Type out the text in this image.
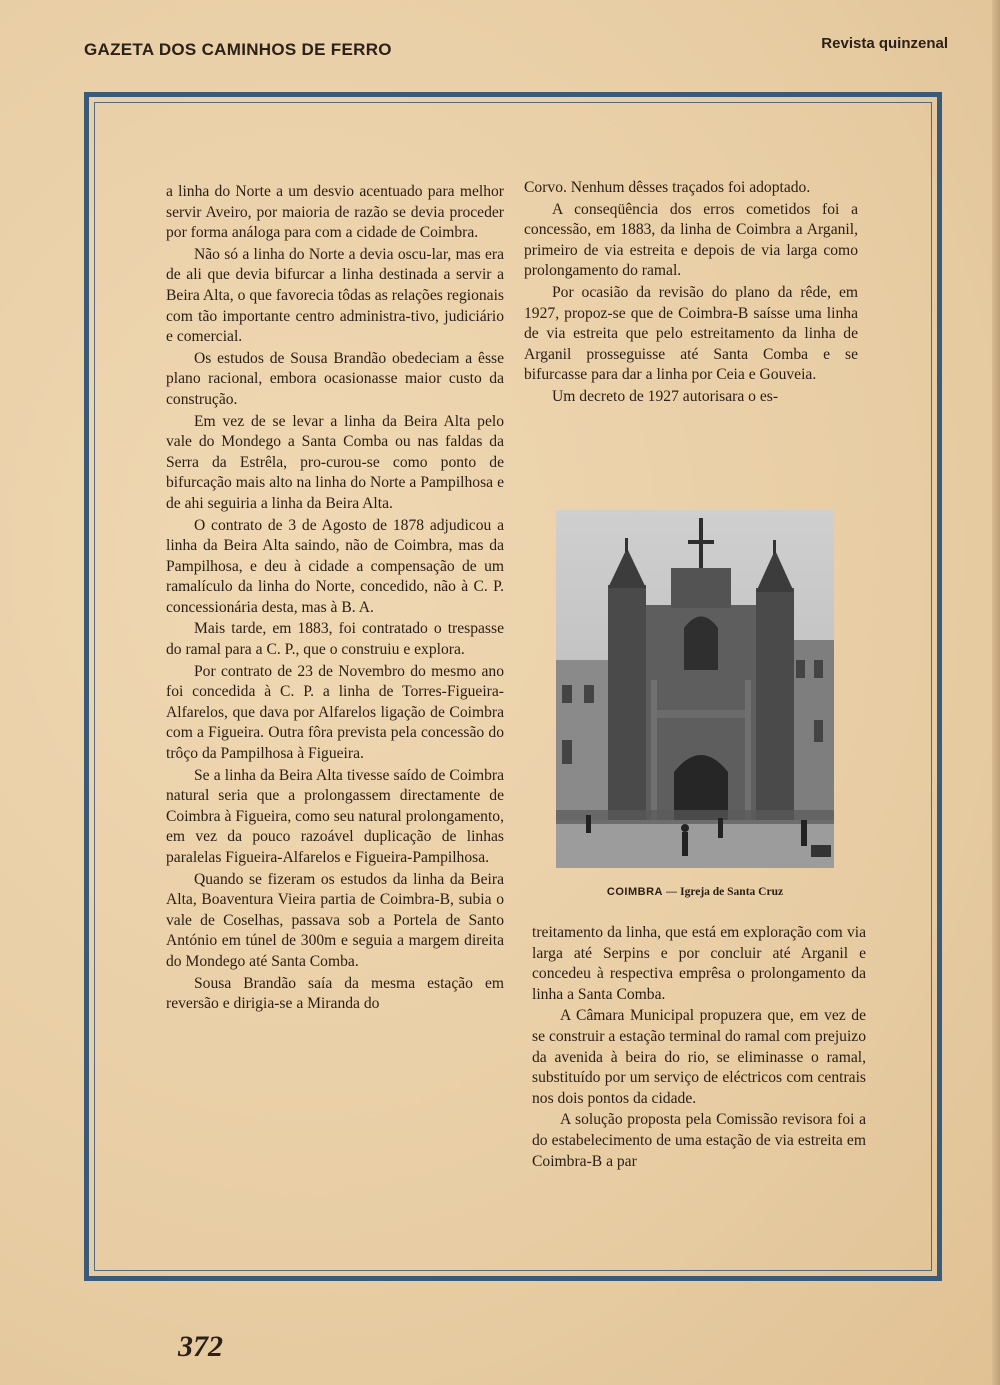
GAZETA DOS CAMINHOS DE FERRO	Revista quinzenal

a linha do Norte a um desvio acentuado para melhor servir Aveiro, por maioria de razão se devia proceder por forma análoga para com a cidade de Coimbra.

Não só a linha do Norte a devia oscu-lar, mas era de ali que devia bifurcar a linha destinada a servir a Beira Alta, o que favorecia tôdas as relações regionais com tão importante centro administra-tivo, judiciário e comercial.

Os estudos de Sousa Brandão obedeciam a êsse plano racional, embora ocasionasse maior custo da construção.

Em vez de se levar a linha da Beira Alta pelo vale do Mondego a Santa Comba ou nas faldas da Serra da Estrêla, pro-curou-se como ponto de bifurcação mais alto na linha do Norte a Pampilhosa e de ahi seguiria a linha da Beira Alta.

O contrato de 3 de Agosto de 1878 adjudicou a linha da Beira Alta saindo, não de Coimbra, mas da Pampilhosa, e deu à cidade a compensação de um ramalículo da linha do Norte, concedido, não à C. P. concessionária desta, mas à B. A.

Mais tarde, em 1883, foi contratado o trespasse do ramal para a C. P., que o construiu e explora.

Por contrato de 23 de Novembro do mesmo ano foi concedida à C. P. a linha de Torres-Figueira-Alfarelos, que dava por Alfarelos ligação de Coimbra com a Figueira. Outra fôra prevista pela concessão do trôço da Pampilhosa à Figueira.

Se a linha da Beira Alta tivesse saído de Coimbra natural seria que a prolongassem directamente de Coimbra à Figueira, como seu natural prolongamento, em vez da pouco razoável duplicação de linhas paralelas Figueira-Alfarelos e Figueira-Pampilhosa.

Quando se fizeram os estudos da linha da Beira Alta, Boaventura Vieira partia de Coimbra-B, subia o vale de Coselhas, passava sob a Portela de Santo António em túnel de 300m e seguia a margem direita do Mondego até Santa Comba.

Sousa Brandão saía da mesma estação em reversão e dirigia-se a Miranda do

Corvo. Nenhum dêsses traçados foi adoptado.

A conseqüência dos erros cometidos foi a concessão, em 1883, da linha de Coimbra a Arganil, primeiro de via estreita e depois de via larga como prolongamento do ramal.

Por ocasião da revisão do plano da rêde, em 1927, propoz-se que de Coimbra-B saísse uma linha de via estreita que pelo estreitamento da linha de Arganil prosseguisse até Santa Comba e se bifurcasse para dar a linha por Ceia e Gouveia.

Um decreto de 1927 autorisara o es-

COIMBRA — Igreja de Santa Cruz

treitamento da linha, que está em exploração com via larga até Serpins e por concluir até Arganil e concedeu à respectiva emprêsa o prolongamento da linha a Santa Comba.

A Câmara Municipal propuzera que, em vez de se construir a estação terminal do ramal com prejuizo da avenida à beira do rio, se eliminasse o ramal, substituído por um serviço de eléctricos com centrais nos dois pontos da cidade.

A solução proposta pela Comissão revisora foi a do estabelecimento de uma estação de via estreita em Coimbra-B a par

372
